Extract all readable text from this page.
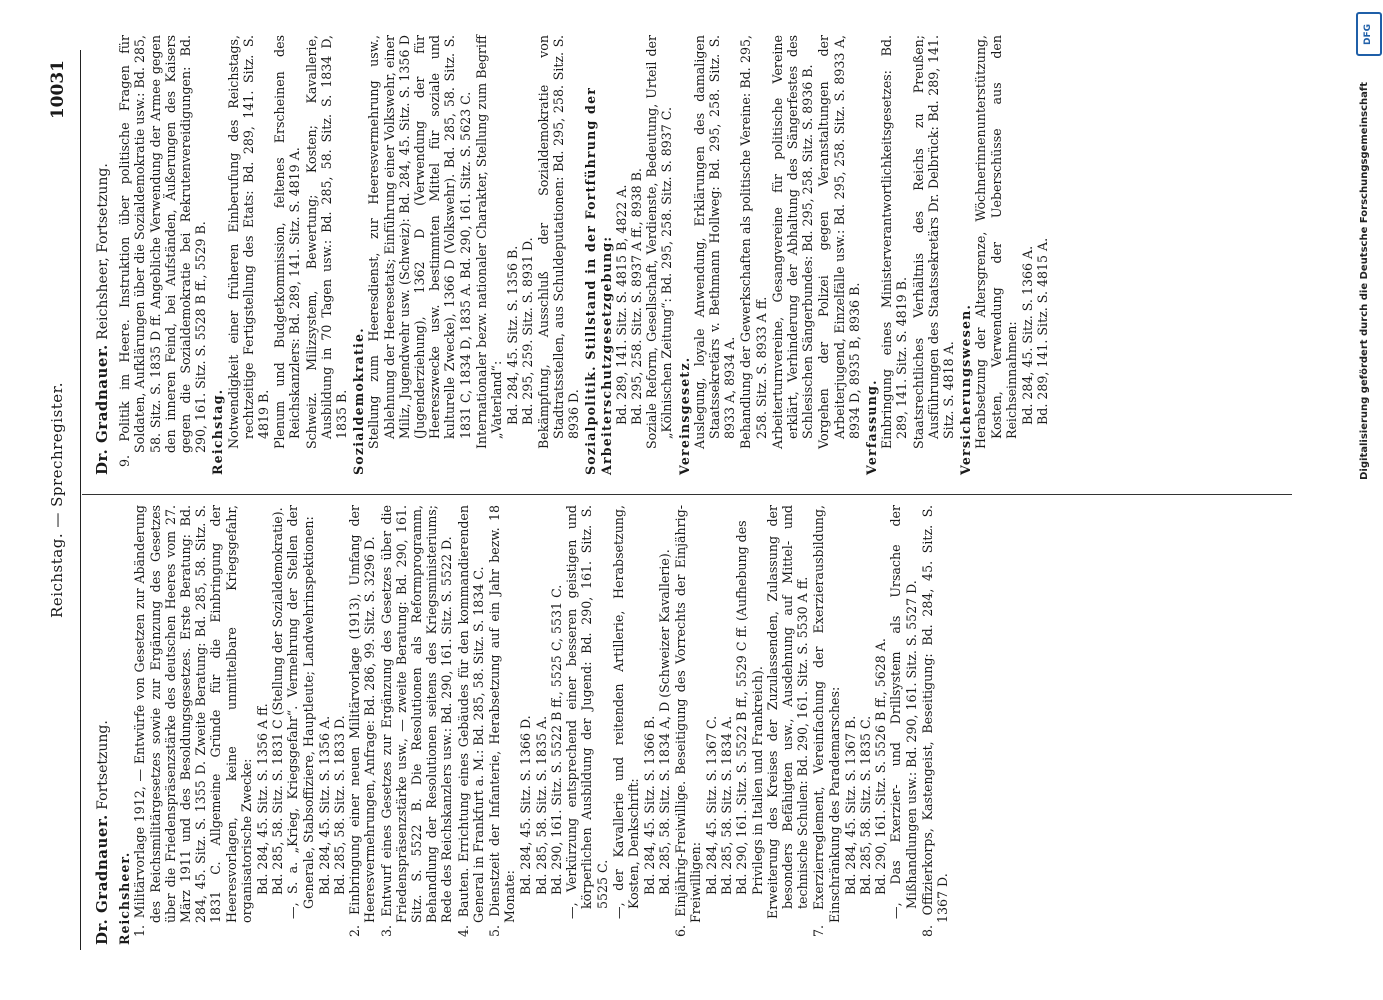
Reichstag. — Sprechregister.
10031
Dr. Gradnauer. Fortsetzung.
Reichsheer. 1. Militärvorlage 1912, — Entwürfe von Gesetzen zur Abänderung des Reichsmilitärgesetzes sowie zur Ergänzung des Gesetzes über die Friedenspräsenzstärke des deutschen Heeres vom 27. März 1911 und des Besoldungsgesetzes. Erste Beratung: Bd. 284, 45. Sitz. S. 1355 D. Zweite Beratung: Bd. 285, 58. Sitz. S. 1831 C. Allgemeine Gründe für die Einbringung der Heeresvorlagen, keine unmittelbare Kriegsgefahr, organisatorische Zwecke: Bd. 284, 45. Sitz. S. 1356 A ff. Bd. 285, 58. Sitz. S. 1831 C (Stellung der Sozialdemokratie). —, S. a. „Krieg, Kriegsgefahr“. Vermehrung der Stellen der Generale, Stabsoffiziere, Hauptleute; Landwehrinspektionen: Bd. 284, 45. Sitz. S. 1356 A. Bd. 285, 58. Sitz. S. 1833 D.

2. Einbringung einer neuen Militärvorlage (1913), Umfang der Heeresvermehrungen, Anfrage: Bd. 286, 99. Sitz. S. 3296 D.

3. Entwurf eines Gesetzes zur Ergänzung des Gesetzes über die Friedenspräsenzstärke usw., — zweite Beratung: Bd. 290, 161. Sitz. S. 5522 B. Die Resolutionen als Reformprogramm, Behandlung der Resolutionen seitens des Kriegsministeriums; Rede des Reichskanzlers usw.: Bd. 290, 161. Sitz. S. 5522 D.

4. Bauten. Errichtung eines Gebäudes für den kommandierenden General in Frankfurt a. M.: Bd. 285, 58. Sitz. S. 1834 C.

5. Dienstzeit der Infanterie, Herabsetzung auf ein Jahr bezw. 18 Monate:

Bd. 284, 45. Sitz. S. 1366 D. Bd. 285, 58. Sitz. S. 1835 A. Bd. 290, 161. Sitz. S. 5522 B ff., 5525 C, 5531 C. —, Verkürzung entsprechend einer besseren geistigen und körperlichen Ausbildung der Jugend: Bd. 290, 161. Sitz. S. 5525 C. —, der Kavallerie und reitenden Artillerie, Herabsetzung, Kosten, Denkschrift: Bd. 284, 45. Sitz. S. 1366 B. Bd. 285, 58. Sitz. S. 1834 A, D (Schweizer Kavallerie).

6. Einjährig-Freiwillige. Beseitigung des Vorrechts der Einjährig-Freiwilligen: Bd. 284, 45. Sitz. S. 1367 C. Bd. 285, 58. Sitz. S. 1834 A. Bd. 290, 161. Sitz. S. 5522 B ff., 5529 C ff. (Aufhebung des Privilegs in Italien und Frankreich). Erweiterung des Kreises der Zuzulassenden, Zulassung der besonders Befähigten usw., Ausdehnung auf Mittel- und technische Schulen: Bd. 290, 161. Sitz. S. 5530 A ff.

7. Exerzierreglement, Vereinfachung der Exerzierausbildung, Einschränkung des Parademarsches: Bd. 284, 45. Sitz. S. 1367 B. Bd. 285, 58. Sitz. S. 1835 C. Bd. 290, 161. Sitz. S. 5526 B ff., 5628 A. —, Das Exerzier- und Drillsystem als Ursache der Mißhandlungen usw.: Bd. 290, 161. Sitz. S. 5527 D.

8. Offizierkorps, Kastengeist, Beseitigung: Bd. 284, 45. Sitz. S. 1367 D.

Dr. Gradnauer. Reichsheer, Fortsetzung.

9. Politik im Heere. Instruktion über politische Fragen für Soldaten, Aufklärungen über die Sozialdemokratie usw.: Bd. 285, 58. Sitz. S. 1835 D ff. Angebliche Verwendung der Armee gegen den inneren Feind, bei Aufständen, Äußerungen des Kaisers gegen die Sozialdemokratie bei Rekrutenvereidigungen: Bd. 290, 161. Sitz. S. 5528 B ff., 5529 B. Reichstag. Notwendigkeit einer früheren Einberufung des Reichstags, rechtzeitige Fertigstellung des Etats: Bd. 289, 141. Sitz. S. 4819 B. Plenum und Budgetkommission, feltenes Erscheinen des Reichskanzlers: Bd. 289, 141. Sitz. S. 4819 A. Schweiz. Milizsystem, Bewertung; Kosten; Kavallerie, Ausbildung in 70 Tagen usw.: Bd. 285, 58. Sitz. S. 1834 D, 1835 B. Sozialdemokratie. Stellung zum Heeresdienst, zur Heeresvermehrung usw., Ablehnung der Heeresetats; Einführung einer Volkswehr, einer Miliz, Jugendwehr usw. (Schweiz): Bd. 284, 45. Sitz. S. 1356 D (Jugenderziehung), 1362 D (Verwendung der für Heereszwecke usw. bestimmten Mittel für soziale und kulturelle Zwecke), 1366 D (Volkswehr). Bd. 285, 58. Sitz. S. 1831 C, 1834 D, 1835 A. Bd. 290, 161. Sitz. S. 5623 C. Internationaler bezw. nationaler Charakter, Stellung zum Begriff „Vaterland“: Bd. 284, 45. Sitz. S. 1356 B. Bd. 295, 259. Sitz. S. 8931 D. Bekämpfung, Ausschluß der Sozialdemokratie von Stadtratsstellen, aus Schuldeputationen: Bd. 295, 258. Sitz. S. 8936 D. Sozialpolitik. Stillstand in der Fortführung der Arbeiterschutzgesetzgebung: Bd. 289, 141. Sitz. S. 4815 B, 4822 A. Bd. 295, 258. Sitz. S. 8937 A ff., 8938 B. Soziale Reform, Gesellschaft, Verdienste, Bedeutung, Urteil der „Kölnischen Zeitung“: Bd. 295, 258. Sitz. S. 8937 C. Vereinsgesetz. Auslegung, loyale Anwendung, Erklärungen des damaligen Staatssekretärs v. Bethmann Hollweg: Bd. 295, 258. Sitz. S. 8933 A, 8934 A. Behandlung der Gewerkschaften als politische Vereine: Bd. 295, 258. Sitz. S. 8933 A ff. Arbeiterturnvereine, Gesangvereine für politische Vereine erklärt, Verhinderung der Abhaltung des Sängerfestes des Schlesischen Sängerbundes: Bd. 295, 258. Sitz. S. 8936 B. Vorgehen der Polizei gegen Veranstaltungen der Arbeiterjugend, Einzelfälle usw.: Bd. 295, 258. Sitz. S. 8933 A, 8934 D, 8935 B, 8936 B. Verfassung. Einbringung eines Ministerverantwortlichkeitsgesetzes: Bd. 289, 141. Sitz. S. 4819 B. Staatsrechtliches Verhältnis des Reichs zu Preußen; Ausführungen des Staatssekretärs Dr. Delbrück: Bd. 289, 141. Sitz. S. 4818 A. Versicherungswesen. Herabsetzung der Altersgrenze, Wöchnerinnenunterstützung, Kosten, Verwendung der Ueberschüsse aus den Reichseinnahmen: Bd. 284, 45. Sitz. S. 1366 A. Bd. 289, 141. Sitz. S. 4815 A.

DFG
Digitalisierung gefördert durch die Deutsche Forschungsgemeinschaft
